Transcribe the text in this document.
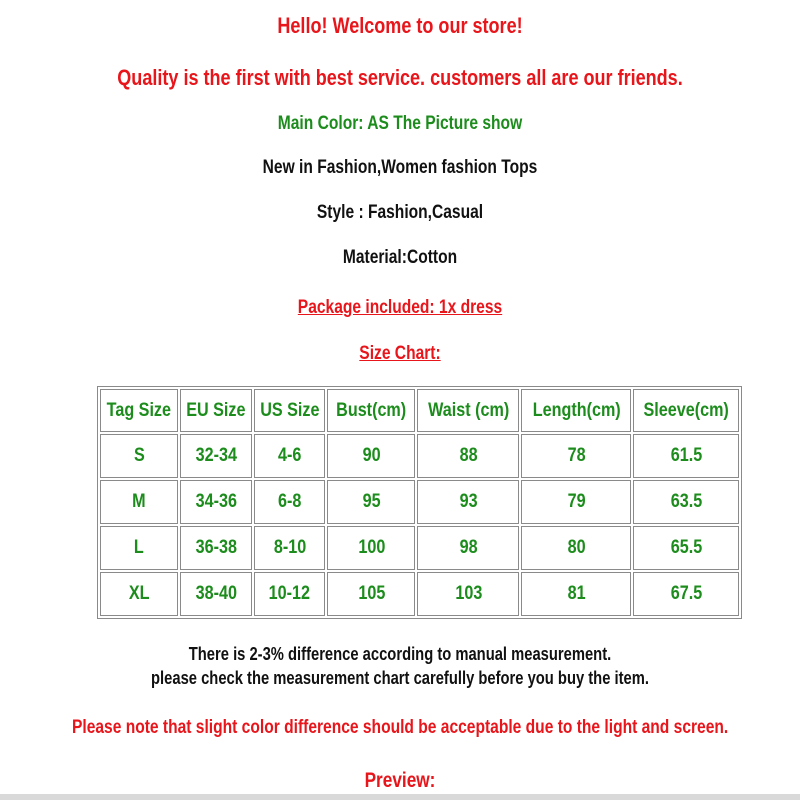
Hello! Welcome to our store!
Quality is the first with best service. customers all are our friends.
Main Color: AS The Picture show
New in Fashion,Women fashion Tops
Style : Fashion,Casual
Material:Cotton
Package included: 1x dress
Size Chart:
Tag Size	EU Size	US Size	Bust(cm)	Waist (cm)	Length(cm)	Sleeve(cm)
S	32-34	4-6	90	88	78	61.5
M	34-36	6-8	95	93	79	63.5
L	36-38	8-10	100	98	80	65.5
XL	38-40	10-12	105	103	81	67.5
There is 2-3% difference according to manual measurement.
please check the measurement chart carefully before you buy the item.
Please note that slight color difference should be acceptable due to the light and screen.
Preview:
